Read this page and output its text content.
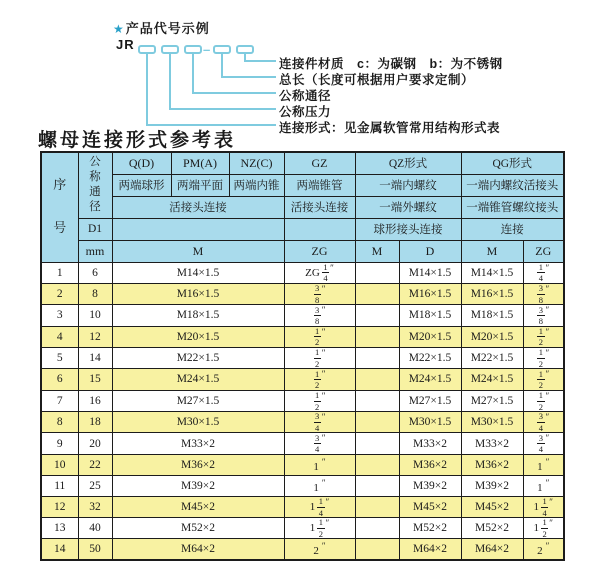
★产品代号示例
JR	–
连接件材质　c：为碳钢　b：为不锈钢
总长（长度可根据用户要求定制）
公称通径
公称压力
连接形式：见金属软管常用结构形式表
螺母连接形式参考表
序号	公称通径	Q(D)	PM(A)	NZ(C)	GZ	QZ形式		QG形式	
		两端球形	两端平面	两端内锥	两端锥管	一端内螺纹		一端内螺纹活接头	
		活接头连接			活接头连接	一端外螺纹		一端锥管螺纹接头	
	D1					球形接头连接		连接	
	mm	M			ZG	M	D	M	ZG
1	6	M14×1.5			ZG $\frac{1}{4} ''$		M14×1.5	M14×1.5	$\frac{1}{4} ''$
2	8	M16×1.5			$\frac{3}{8} ''$		M16×1.5	M16×1.5	$\frac{3}{8} ''$
3	10	M18×1.5			$\frac{3}{8} ''$		M18×1.5	M18×1.5	$\frac{3}{8} ''$
4	12	M20×1.5			$\frac{1}{2} ''$		M20×1.5	M20×1.5	$\frac{1}{2} ''$
5	14	M22×1.5			$\frac{1}{2} ''$		M22×1.5	M22×1.5	$\frac{1}{2} ''$
6	15	M24×1.5			$\frac{1}{2} ''$		M24×1.5	M24×1.5	$\frac{1}{2} ''$
7	16	M27×1.5			$\frac{1}{2} ''$		M27×1.5	M27×1.5	$\frac{1}{2} ''$
8	18	M30×1.5			$\frac{3}{4} ''$		M30×1.5	M30×1.5	$\frac{3}{4} ''$
9	20	M33×2			$\frac{3}{4} ''$		M33×2	M33×2	$\frac{3}{4} ''$
10	22	M36×2			1 ″		M36×2	M36×2	1 ″
11	25	M39×2			1 ″		M39×2	M39×2	1 ″
12	32	M45×2			$1 \frac{1}{4} ''$		M45×2	M45×2	$1 \frac{1}{4} ''$
13	40	M52×2			$1 \frac{1}{2} ''$		M52×2	M52×2	$1 \frac{1}{2} ''$
14	50	M64×2			2 ″		M64×2	M64×2	2 ″
